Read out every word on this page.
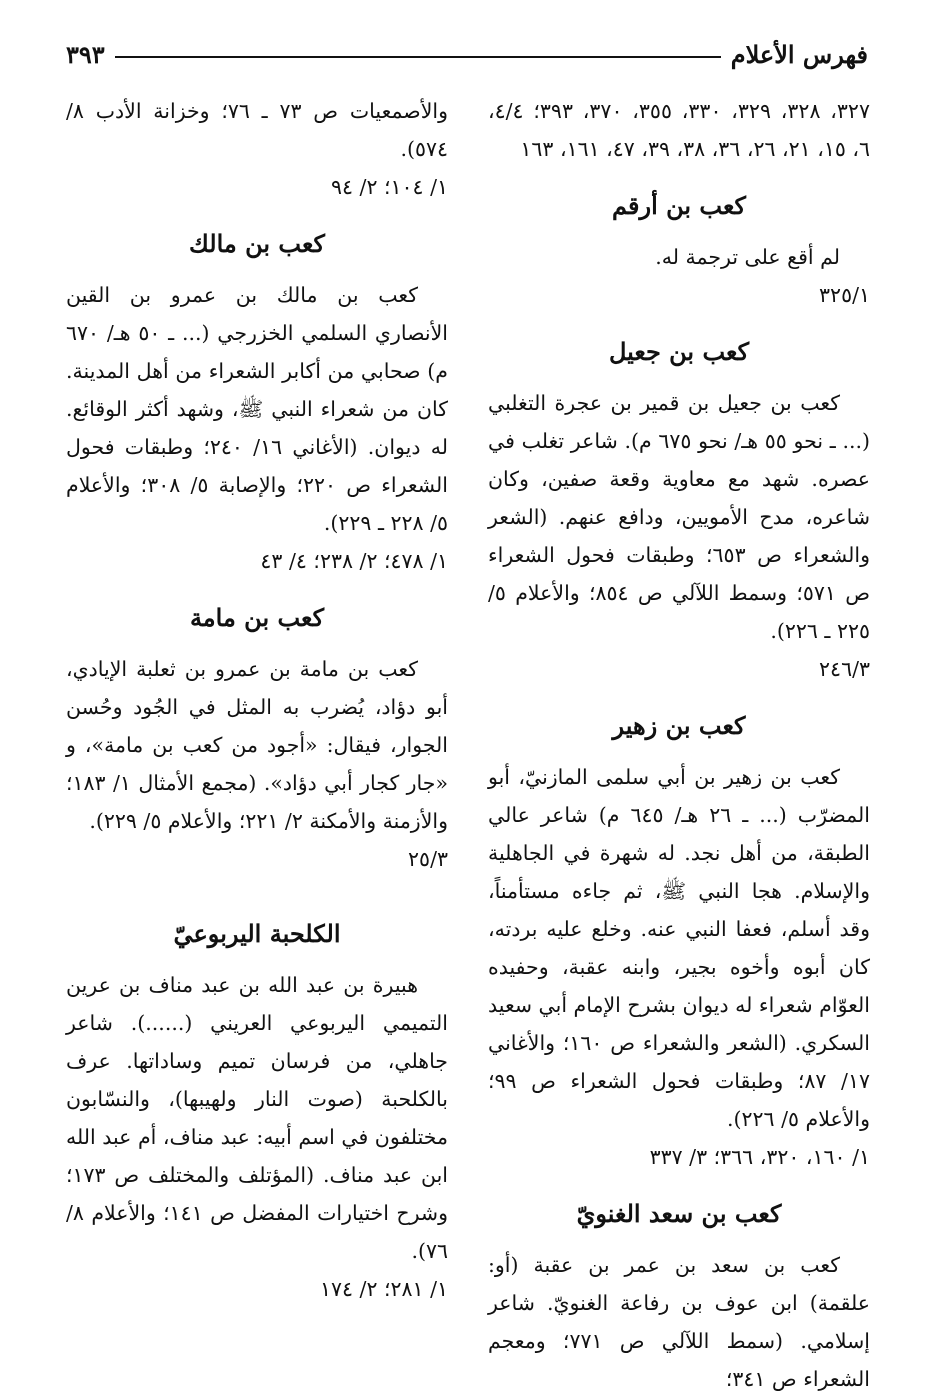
فهرس الأعلام
٣٩٣

٣٢٧، ٣٢٨، ٣٢٩، ٣٣٠، ٣٥٥، ٣٧٠، ٣٩٣؛ ٤/٤، ٦، ١٥، ٢١، ٢٦، ٣٦، ٣٨، ٣٩، ٤٧، ١٦١، ١٦٣

كعب بن أرقم

لم أقع على ترجمة له.

٣٢٥/١

كعب بن جعيل

كعب بن جعيل بن قمير بن عجرة التغلبي (... ـ نحو ٥٥ هـ/ نحو ٦٧٥ م). شاعر تغلب في عصره. شهد مع معاوية وقعة صفين، وكان شاعره، مدح الأمويين، ودافع عنهم. (الشعر والشعراء ص ٦٥٣؛ وطبقات فحول الشعراء ص ٥٧١؛ وسمط اللآلي ص ٨٥٤؛ والأعلام ٥/ ٢٢٥ ـ ٢٢٦).

٢٤٦/٣

كعب بن زهير

كعب بن زهير بن أبي سلمى المازنيّ، أبو المضرّب (... ـ ٢٦ هـ/ ٦٤٥ م) شاعر عالي الطبقة، من أهل نجد. له شهرة في الجاهلية والإسلام. هجا النبي ﷺ، ثم جاءه مستأمناً، وقد أسلم، فعفا النبي عنه. وخلع عليه بردته، كان أبوه وأخوه بجير، وابنه عقبة، وحفيده العوّام شعراء له ديوان بشرح الإمام أبي سعيد السكري. (الشعر والشعراء ص ١٦٠؛ والأغاني ١٧/ ٨٧؛ وطبقات فحول الشعراء ص ٩٩؛ والأعلام ٥/ ٢٢٦).

١/ ١٦٠، ٣٢٠، ٣٦٦؛ ٣/ ٣٣٧

كعب بن سعد الغنويّ

كعب بن سعد بن عمر بن عقبة (أو: علقمة) ابن عوف بن رفاعة الغنويّ. شاعر إسلامي. (سمط اللآلي ص ٧٧١؛ ومعجم الشعراء ص ٣٤١؛

والأصمعيات ص ٧٣ ـ ٧٦؛ وخزانة الأدب ٨/ ٥٧٤).

١/ ١٠٤؛ ٢/ ٩٤

كعب بن مالك

كعب بن مالك بن عمرو بن القين الأنصاري السلمي الخزرجي (... ـ ٥٠ هـ/ ٦٧٠ م) صحابي من أكابر الشعراء من أهل المدينة. كان من شعراء النبي ﷺ، وشهد أكثر الوقائع. له ديوان. (الأغاني ١٦/ ٢٤٠؛ وطبقات فحول الشعراء ص ٢٢٠؛ والإصابة ٥/ ٣٠٨؛ والأعلام ٥/ ٢٢٨ ـ ٢٢٩).

١/ ٤٧٨؛ ٢/ ٢٣٨؛ ٤/ ٤٣

كعب بن مامة

كعب بن مامة بن عمرو بن ثعلبة الإيادي، أبو دؤاد، يُضرب به المثل في الجُود وحُسن الجوار، فيقال: «أجود من كعب بن مامة»، و «جار كجار أبي دؤاد». (مجمع الأمثال ١/ ١٨٣؛ والأزمنة والأمكنة ٢/ ٢٢١؛ والأعلام ٥/ ٢٢٩).

٢٥/٣

الكلحبة اليربوعيّ

هبيرة بن عبد الله بن عبد مناف بن عرين التميمي اليربوعي العريني (......). شاعر جاهلي، من فرسان تميم وساداتها. عرف بالكلحبة (صوت النار ولهيبها)، والنسّابون مختلفون في اسم أبيه: عبد مناف، أم عبد الله ابن عبد مناف. (المؤتلف والمختلف ص ١٧٣؛ وشرح اختيارات المفضل ص ١٤١؛ والأعلام ٨/ ٧٦).

١/ ٢٨١؛ ٢/ ١٧٤
